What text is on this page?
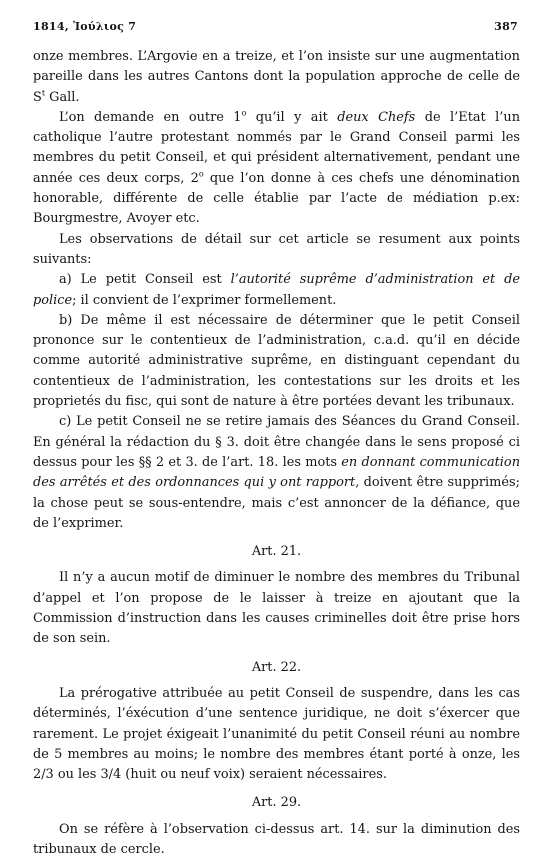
1814, Ἰούλιος 7	387

onze membres. L’Argovie en a treize, et l’on insiste sur une augmentation pareille dans les autres Cantons dont la population approche de celle de $S^t$ Gall.

L’on demande en outre 1$^o$ qu’il y ait deux Chefs de l’Etat l’un catholique l’autre protestant nommés par le Grand Conseil parmi les membres du petit Conseil, et qui président alternativement, pendant une année ces deux corps, 2$^o$ que l’on donne à ces chefs une dénomination honorable, différente de celle établie par l’acte de médiation p.ex: Bourgmestre, Avoyer etc.

Les observations de détail sur cet article se resument aux points suivants:

a) Le petit Conseil est l’autorité suprême d’administration et de police; il convient de l’exprimer formellement.

b) De même il est nécessaire de déterminer que le petit Conseil prononce sur le contentieux de l’administration, c.a.d. qu’il en décide comme autorité administrative suprême, en distinguant cependant du contentieux de l’administration, les contestations sur les droits et les proprietés du fisc, qui sont de nature à être portées devant les tribunaux.

c) Le petit Conseil ne se retire jamais des Séances du Grand Conseil. En général la rédaction du § 3. doit être changée dans le sens proposé ci dessus pour les §§ 2 et 3. de l’art. 18. les mots en donnant communication des arrêtés et des ordonnances qui y ont rapport, doivent être supprimés; la chose peut se sous-entendre, mais c’est annoncer de la défiance, que de l’exprimer.

Art. 21.

Il n’y a aucun motif de diminuer le nombre des membres du Tribunal d’appel et l’on propose de le laisser à treize en ajoutant que la Commission d’instruction dans les causes criminelles doit être prise hors de son sein.

Art. 22.

La prérogative attribuée au petit Conseil de suspendre, dans les cas déterminés, l’éxécution d’une sentence juridique, ne doit s’éxercer que rarement. Le projet éxigeait l’unanimité du petit Conseil réuni au nombre de 5 membres au moins; le nombre des membres étant porté à onze, les 2/3 ou les 3/4 (huit ou neuf voix) seraient nécessaires.

Art. 29.

On se réfère à l’observation ci-dessus art. 14. sur la diminution des tribunaux de cercle.
